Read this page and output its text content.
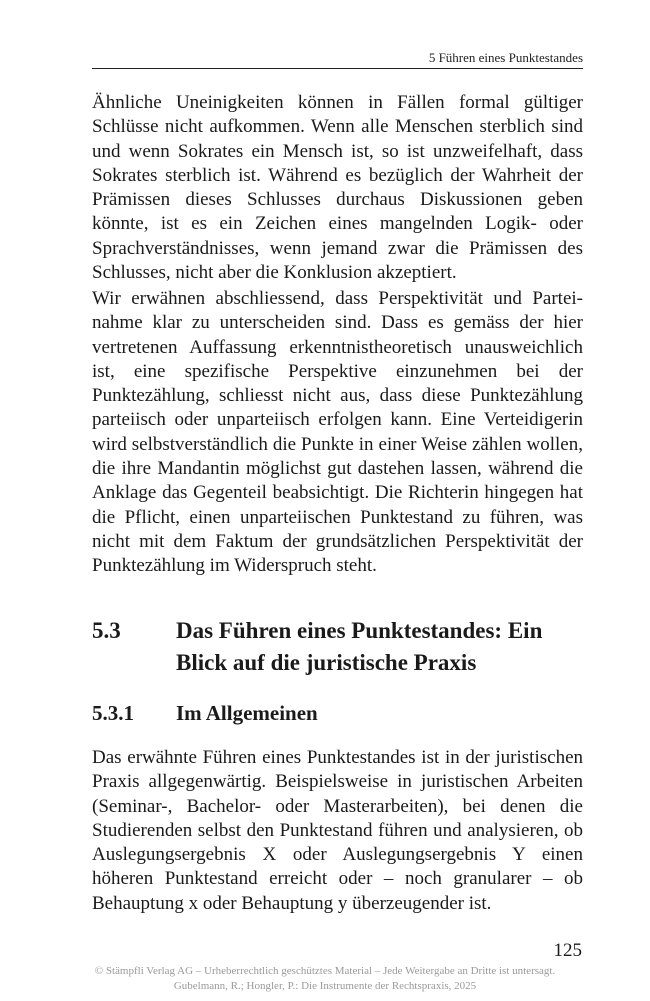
5 Führen eines Punktestandes

Ähnliche Uneinigkeiten können in Fällen formal gültiger Schlüsse nicht aufkommen. Wenn alle Menschen sterblich sind und wenn Sokrates ein Mensch ist, so ist unzweifelhaft, dass Sokrates sterblich ist. Während es bezüglich der Wahrheit der Prämissen dieses Schlusses durchaus Diskussionen geben könnte, ist es ein Zeichen eines mangelnden Logik- oder Sprachverständnisses, wenn jemand zwar die Prämissen des Schlusses, nicht aber die Konklusion akzeptiert.

Wir erwähnen abschliessend, dass Perspektivität und Parteinahme klar zu unterscheiden sind. Dass es gemäss der hier vertretenen Auffassung erkenntnistheoretisch unausweichlich ist, eine spezifische Perspektive einzunehmen bei der Punktezählung, schliesst nicht aus, dass diese Punktezählung parteiisch oder unparteiisch erfolgen kann. Eine Verteidigerin wird selbstverständlich die Punkte in einer Weise zählen wollen, die ihre Mandantin möglichst gut dastehen lassen, während die Anklage das Gegenteil beabsichtigt. Die Richterin hingegen hat die Pflicht, einen unparteiischen Punktestand zu führen, was nicht mit dem Faktum der grundsätzlichen Perspektivität der Punktezählung im Widerspruch steht.

5.3 Das Führen eines Punktestandes: Ein Blick auf die juristische Praxis
5.3.1 Im Allgemeinen

Das erwähnte Führen eines Punktestandes ist in der juristischen Praxis allgegenwärtig. Beispielsweise in juristischen Arbeiten (Seminar-, Bachelor- oder Masterarbeiten), bei denen die Studierenden selbst den Punktestand führen und analysieren, ob Auslegungsergebnis X oder Auslegungsergebnis Y einen höheren Punktestand erreicht oder – noch granularer – ob Behauptung x oder Behauptung y überzeugender ist.

125
© Stämpfli Verlag AG – Urheberrechtlich geschütztes Material – Jede Weitergabe an Dritte ist untersagt.
Gubelmann, R.; Hongler, P.: Die Instrumente der Rechtspraxis, 2025
